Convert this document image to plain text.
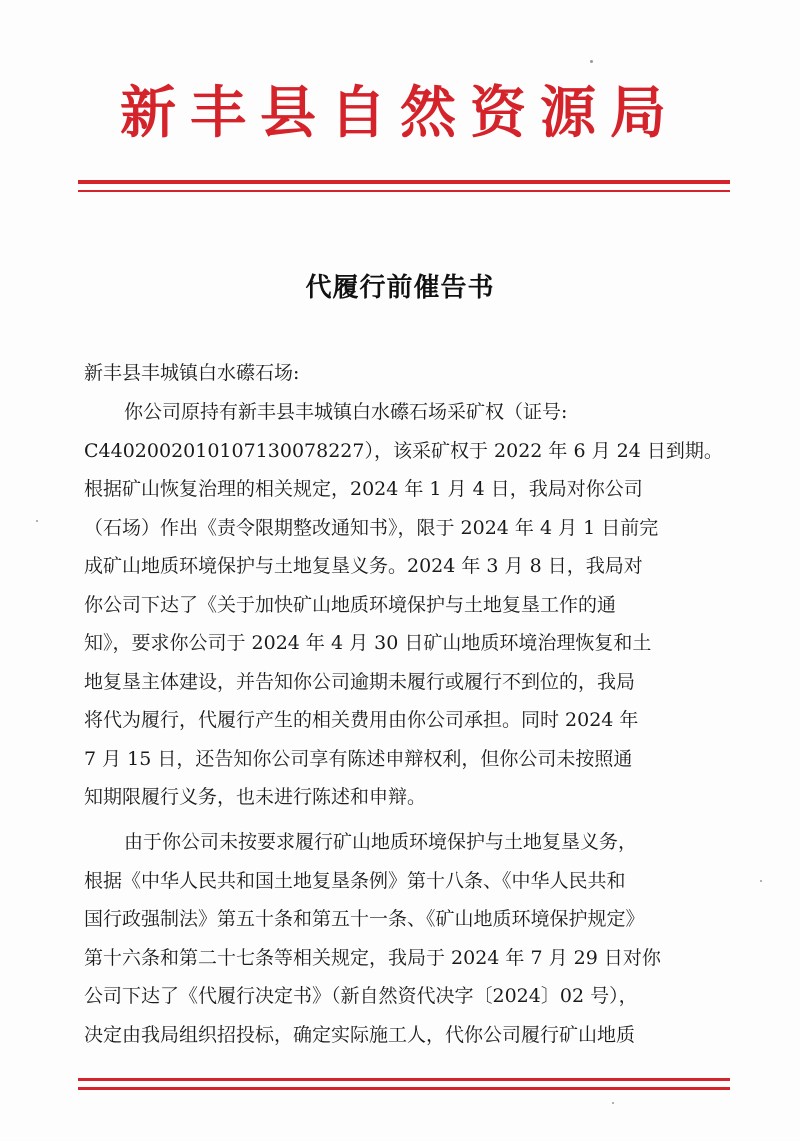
新丰县自然资源局
代履行前催告书
新丰县丰城镇白水礤石场:
你公司原持有新丰县丰城镇白水礤石场采矿权（证号:
C4402002010107130078227），该采矿权于 2022 年 6 月 24 日到期。
根据矿山恢复治理的相关规定，2024 年 1 月 4 日，我局对你公司
（石场）作出《责令限期整改通知书》，限于 2024 年 4 月 1 日前完
成矿山地质环境保护与土地复垦义务。2024 年 3 月 8 日，我局对
你公司下达了《关于加快矿山地质环境保护与土地复垦工作的通
知》，要求你公司于 2024 年 4 月 30 日矿山地质环境治理恢复和土
地复垦主体建设，并告知你公司逾期未履行或履行不到位的，我局
将代为履行，代履行产生的相关费用由你公司承担。同时 2024 年
7 月 15 日，还告知你公司享有陈述申辩权利，但你公司未按照通
知期限履行义务，也未进行陈述和申辩。
由于你公司未按要求履行矿山地质环境保护与土地复垦义务，
根据《中华人民共和国土地复垦条例》第十八条、《中华人民共和
国行政强制法》第五十条和第五十一条、《矿山地质环境保护规定》
第十六条和第二十七条等相关规定，我局于 2024 年 7 月 29 日对你
公司下达了《代履行决定书》（新自然资代决字〔2024〕02 号），
决定由我局组织招投标，确定实际施工人，代你公司履行矿山地质
